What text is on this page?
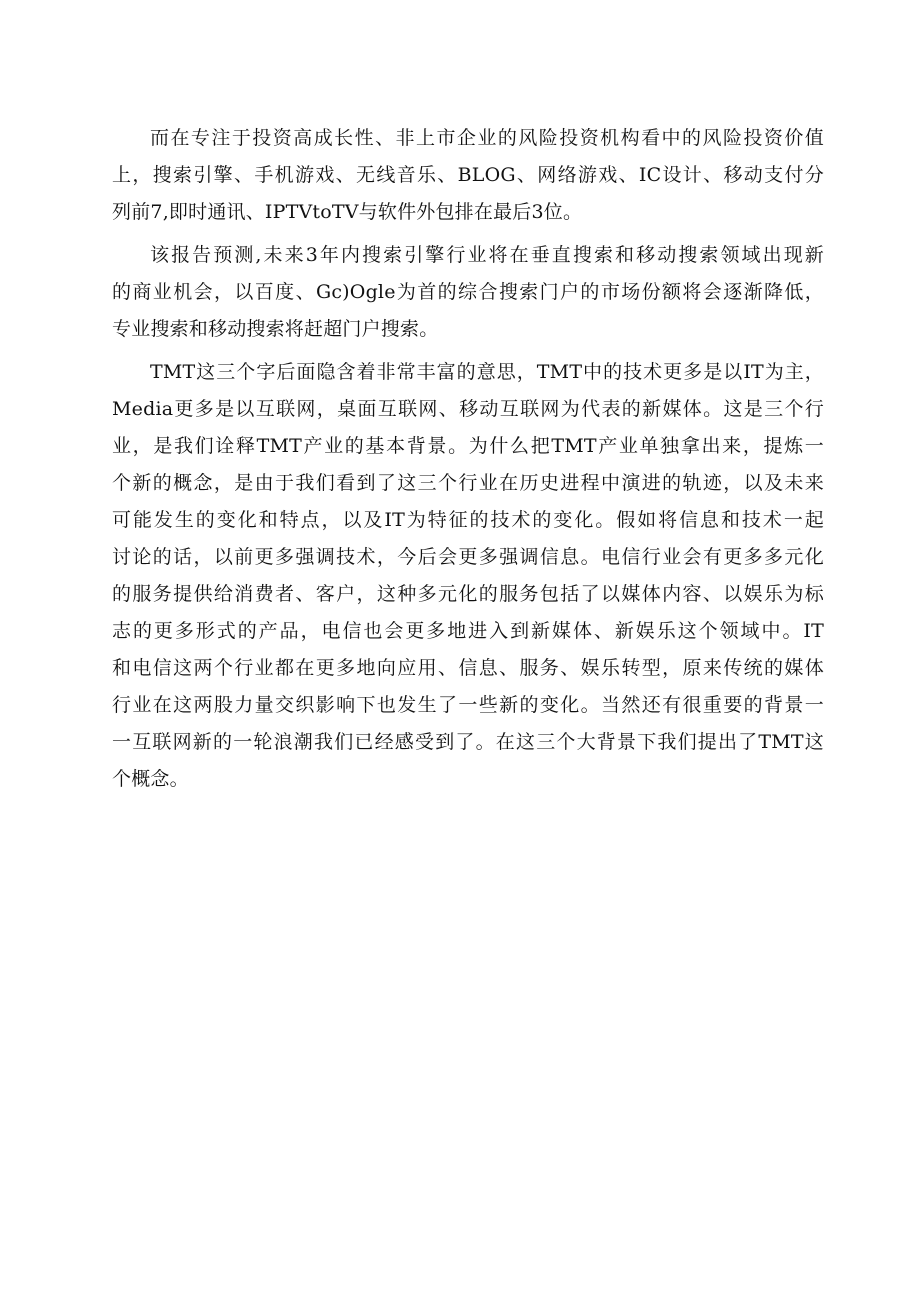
而在专注于投资高成长性、非上市企业的风险投资机构看中的风险投资价值
上，搜索引擎、手机游戏、无线音乐、BLOG、网络游戏、IC设计、移动支付分
列前7,即时通讯、IPTVtoTV与软件外包排在最后3位。
该报告预测,未来3年内搜索引擎行业将在垂直搜索和移动搜索领域出现新
的商业机会，以百度、Gc)Ogle为首的综合搜索门户的市场份额将会逐渐降低，
专业搜索和移动搜索将赶超门户搜索。
TMT这三个字后面隐含着非常丰富的意思，TMT中的技术更多是以IT为主，
Media更多是以互联网，桌面互联网、移动互联网为代表的新媒体。这是三个行
业，是我们诠释TMT产业的基本背景。为什么把TMT产业单独拿出来，提炼一
个新的概念，是由于我们看到了这三个行业在历史进程中演进的轨迹，以及未来
可能发生的变化和特点，以及IT为特征的技术的变化。假如将信息和技术一起
讨论的话，以前更多强调技术，今后会更多强调信息。电信行业会有更多多元化
的服务提供给消费者、客户，这种多元化的服务包括了以媒体内容、以娱乐为标
志的更多形式的产品，电信也会更多地进入到新媒体、新娱乐这个领域中。IT
和电信这两个行业都在更多地向应用、信息、服务、娱乐转型，原来传统的媒体
行业在这两股力量交织影响下也发生了一些新的变化。当然还有很重要的背景一
一互联网新的一轮浪潮我们已经感受到了。在这三个大背景下我们提出了TMT这
个概念。
